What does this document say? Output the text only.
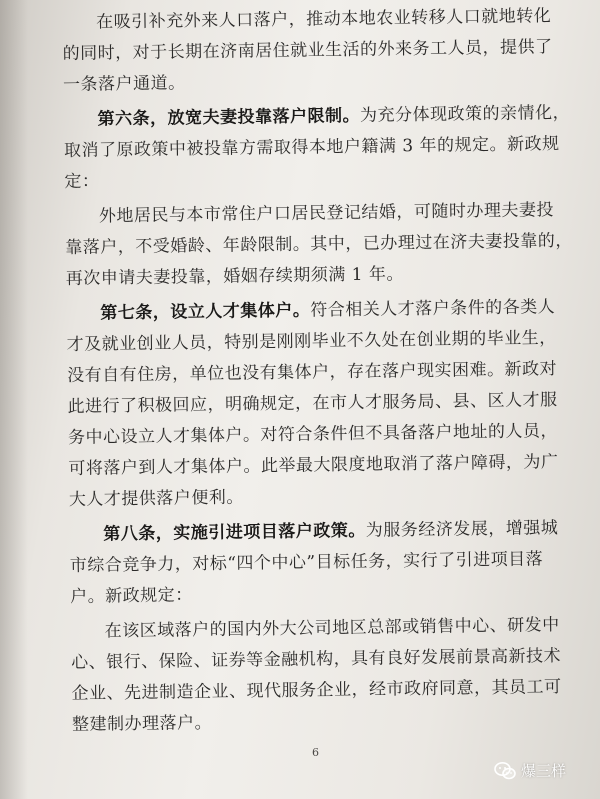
在吸引补充外来人口落户，推动本地农业转移人口就地转化
的同时，对于长期在济南居住就业生活的外来务工人员，提供了
一条落户通道。
第六条，放宽夫妻投靠落户限制。为充分体现政策的亲情化，
取消了原政策中被投靠方需取得本地户籍满 3 年的规定。新政规
定：
外地居民与本市常住户口居民登记结婚，可随时办理夫妻投
靠落户，不受婚龄、年龄限制。其中，已办理过在济夫妻投靠的，
再次申请夫妻投靠，婚姻存续期须满 1 年。
第七条，设立人才集体户。符合相关人才落户条件的各类人
才及就业创业人员，特别是刚刚毕业不久处在创业期的毕业生，
没有自有住房，单位也没有集体户，存在落户现实困难。新政对
此进行了积极回应，明确规定，在市人才服务局、县、区人才服
务中心设立人才集体户。对符合条件但不具备落户地址的人员，
可将落户到人才集体户。此举最大限度地取消了落户障碍，为广
大人才提供落户便利。
第八条，实施引进项目落户政策。为服务经济发展，增强城
市综合竞争力，对标“四个中心”目标任务，实行了引进项目落
户。新政规定：
在该区域落户的国内外大公司地区总部或销售中心、研发中
心、银行、保险、证券等金融机构，具有良好发展前景高新技术
企业、先进制造企业、现代服务企业，经市政府同意，其员工可
整建制办理落户。
6
爆三样
